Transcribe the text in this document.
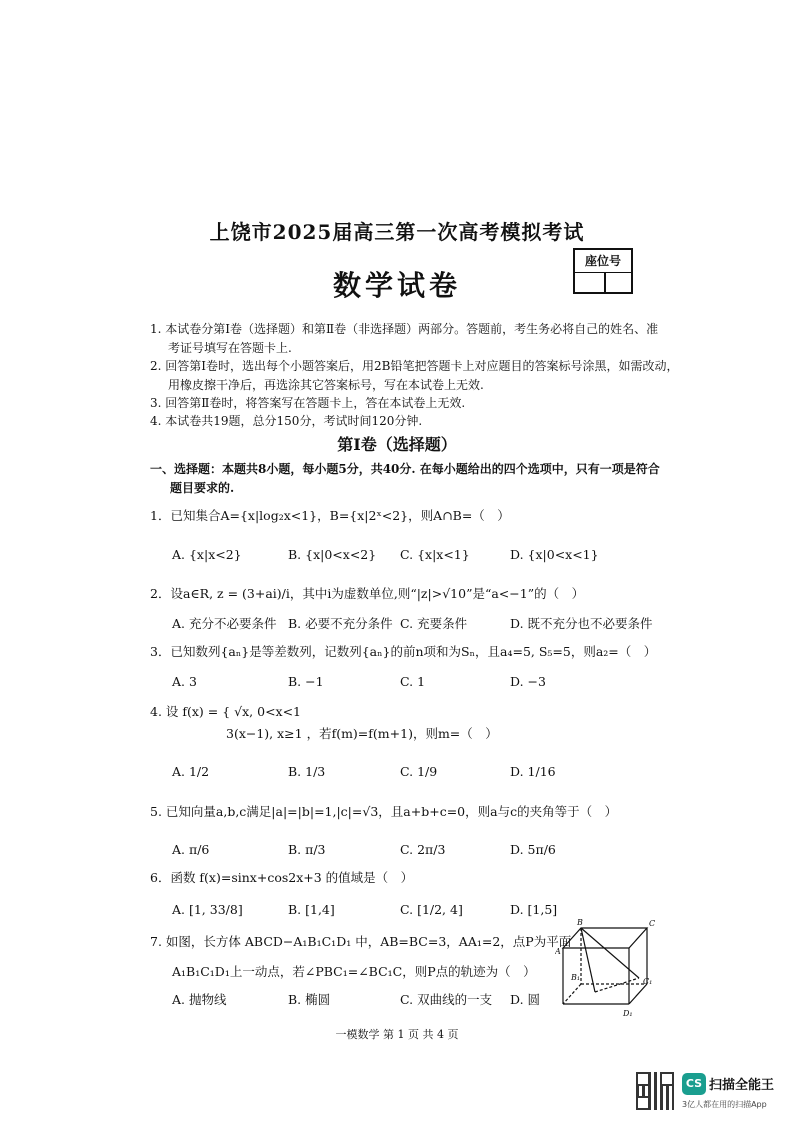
上饶市2025届高三第一次高考模拟考试
数学试卷
座位号
1. 本试卷分第Ⅰ卷（选择题）和第Ⅱ卷（非选择题）两部分。答题前，考生务必将自己的姓名、准
考证号填写在答题卡上.
2. 回答第Ⅰ卷时，选出每个小题答案后，用2B铅笔把答题卡上对应题目的答案标号涂黑，如需改动，
用橡皮擦干净后，再选涂其它答案标号，写在本试卷上无效.
3. 回答第Ⅱ卷时，将答案写在答题卡上，答在本试卷上无效.
4. 本试卷共19题，总分150分，考试时间120分钟.
第Ⅰ卷（选择题）
一、选择题：本题共8小题，每小题5分，共40分. 在每小题给出的四个选项中，只有一项是符合
题目要求的.
1．已知集合A={x|log₂x<1}，B={x|2ˣ<2}，则A∩B=（　）
A. {x|x<2}	B. {x|0<x<2} C. {x|x<1}	D. {x|0<x<1}
2．设a∈R, z = (3+ai)/i，其中i为虚数单位,则“|z|>√10”是“a<−1”的（　）
A. 充分不必要条件 B. 必要不充分条件 C. 充要条件	D. 既不充分也不必要条件
3．已知数列{aₙ}是等差数列，记数列{aₙ}的前n项和为Sₙ，且a₄=5, S₅=5，则a₂=（　）
A. 3	B. −1	C. 1	D. −3
4. 设 f(x) = { √x, 0<x<1
3(x−1), x≥1 ，若f(m)=f(m+1)，则m=（　）
A. 1/2	B. 1/3	C. 1/9	D. 1/16
5. 已知向量a,b,c满足|a|=|b|=1,|c|=√3，且a+b+c=0，则a与c的夹角等于（　）
A. π/6	B. π/3	C. 2π/3	D. 5π/6
6．函数 f(x)=sinx+cos2x+3 的值域是（　）
A. [1, 33/8]	B. [1,4]	C. [1/2, 4]	D. [1,5]
7. 如图，长方体 ABCD−A₁B₁C₁D₁ 中，AB=BC=3，AA₁=2，点P为平面
A₁B₁C₁D₁上一动点，若∠PBC₁=∠BC₁C，则P点的轨迹为（　）
A. 抛物线	B. 椭圆	C. 双曲线的一支 D. 圆
B	C
A
B₁	C₁
D₁
一模数学 第 1 页 共 4 页
CS 扫描全能王
3亿人都在用的扫描App
